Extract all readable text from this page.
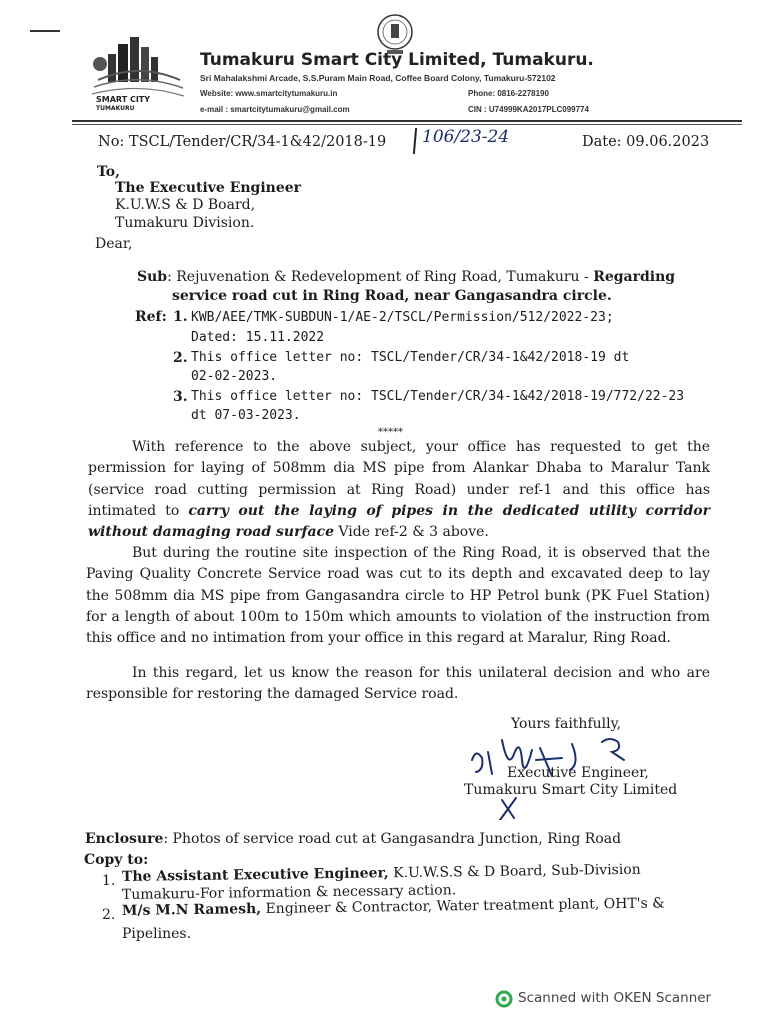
SMART CITY
TUMAKURU
Tumakuru Smart City Limited, Tumakuru.
Sri Mahalakshmi Arcade, S.S.Puram Main Road, Coffee Board Colony, Tumakuru-572102
Website: www.smartcitytumakuru.in	Phone: 0816-2278190
e-mail : smartcitytumakuru@gmail.com	CIN : U74999KA2017PLC099774
No: TSCL/Tender/CR/34-1&42/2018-19 106/23-24	Date: 09.06.2023
To,
The Executive Engineer
K.U.W.S & D Board,
Tumakuru Division.
Dear,
Sub: Rejuvenation & Redevelopment of Ring Road, Tumakuru - Regarding
service road cut in Ring Road, near Gangasandra circle.
Ref: 1. KWB/AEE/TMK-SUBDUN-1/AE-2/TSCL/Permission/512/2022-23;
Dated: 15.11.2022
2. This office letter no: TSCL/Tender/CR/34-1&42/2018-19 dt
02-02-2023.
3. This office letter no: TSCL/Tender/CR/34-1&42/2018-19/772/22-23
dt 07-03-2023.
*****
With reference to the above subject, your office has requested to get the permission for laying of 508mm dia MS pipe from Alankar Dhaba to Maralur Tank (service road cutting permission at Ring Road) under ref-1 and this office has intimated to carry out the laying of pipes in the dedicated utility corridor without damaging road surface Vide ref-2 & 3 above.
But during the routine site inspection of the Ring Road, it is observed that the Paving Quality Concrete Service road was cut to its depth and excavated deep to lay the 508mm dia MS pipe from Gangasandra circle to HP Petrol bunk (PK Fuel Station) for a length of about 100m to 150m which amounts to violation of the instruction from this office and no intimation from your office in this regard at Maralur, Ring Road.
In this regard, let us know the reason for this unilateral decision and who are responsible for restoring the damaged Service road.
Yours faithfully,
Executive Engineer,
Tumakuru Smart City Limited
Enclosure: Photos of service road cut at Gangasandra Junction, Ring Road
Copy to:
1. The Assistant Executive Engineer, K.U.W.S.S & D Board, Sub-Division
Tumakuru-For information & necessary action.
2. M/s M.N Ramesh, Engineer & Contractor, Water treatment plant, OHT's &
Pipelines.
Scanned with OKEN Scanner
